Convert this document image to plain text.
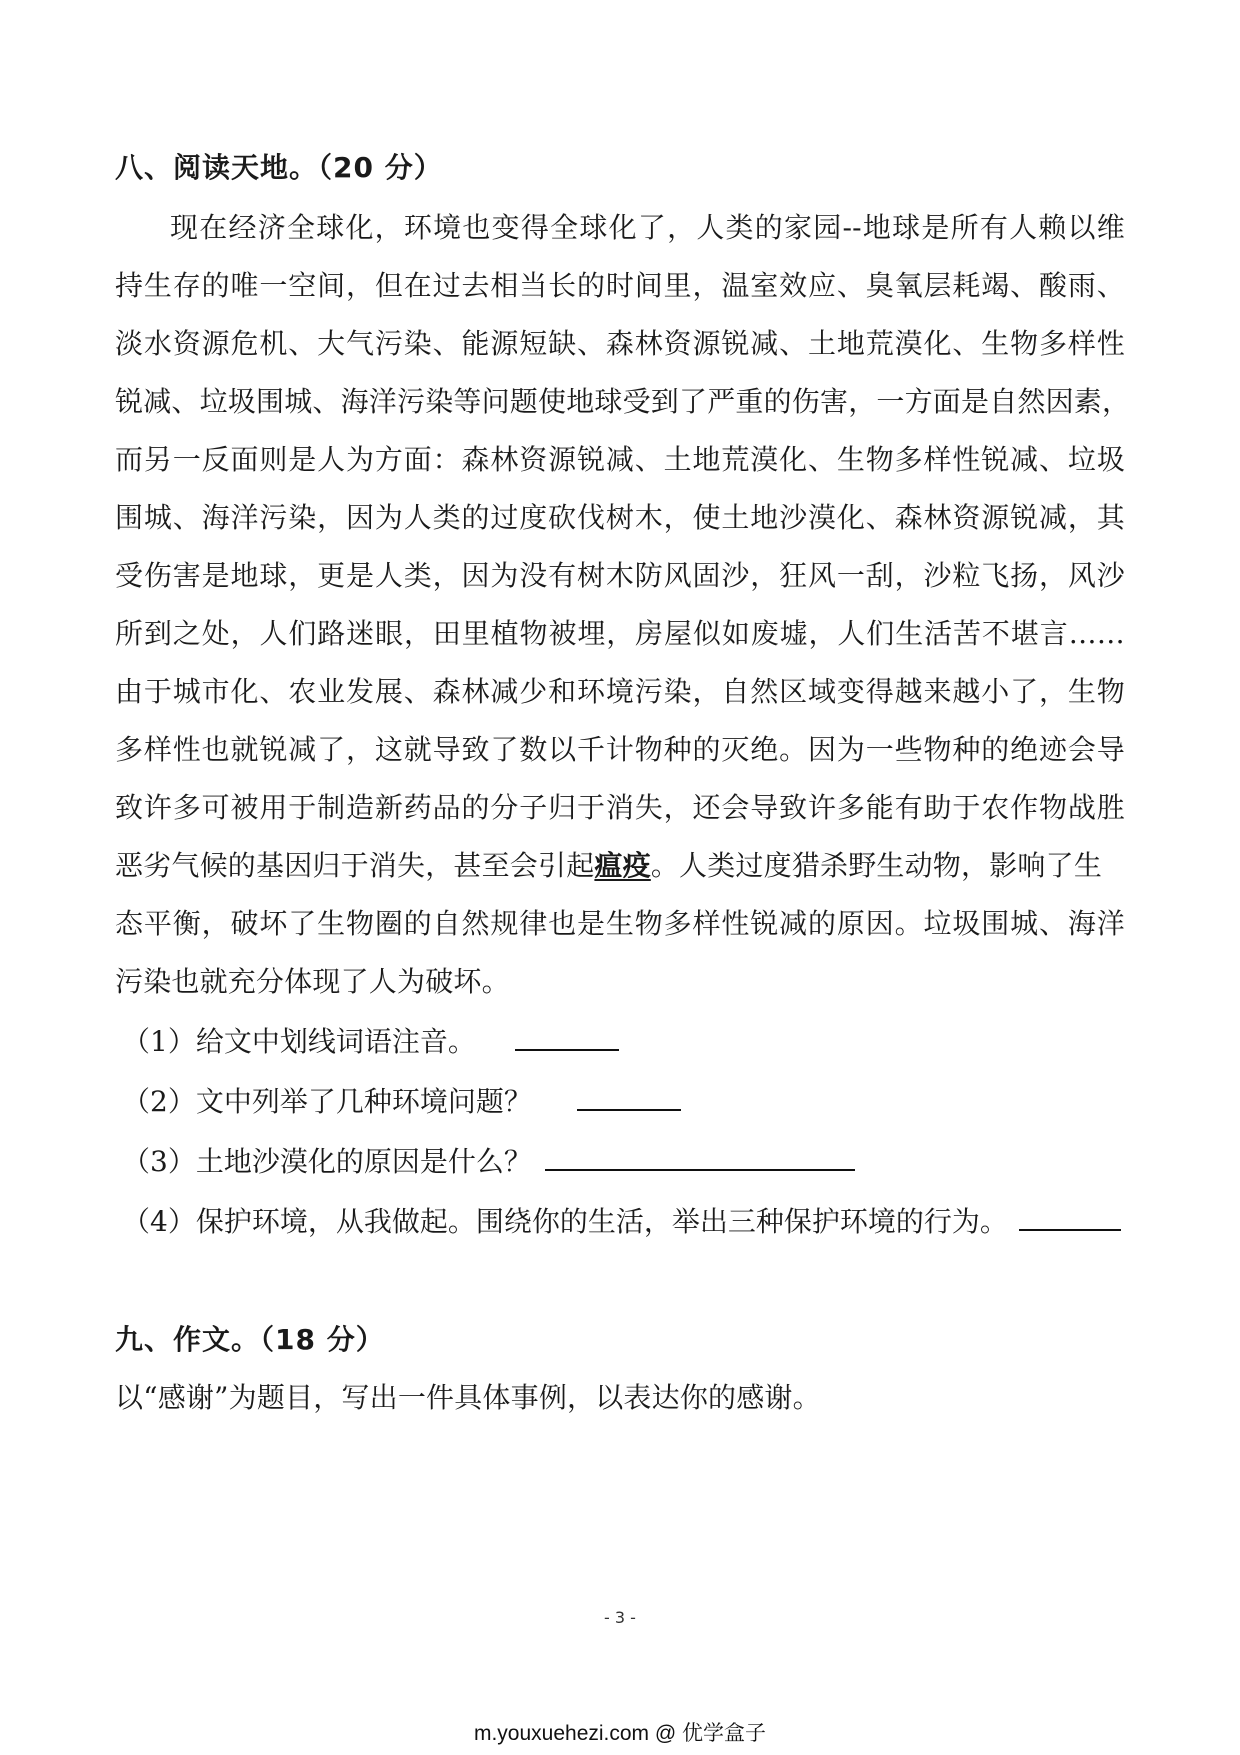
八、阅读天地。（20 分）
现在经济全球化，环境也变得全球化了，人类的家园--地球是所有人赖以维
持生存的唯一空间，但在过去相当长的时间里，温室效应、臭氧层耗竭、酸雨、
淡水资源危机、大气污染、能源短缺、森林资源锐减、土地荒漠化、生物多样性
锐减、垃圾围城、海洋污染等问题使地球受到了严重的伤害，一方面是自然因素，
而另一反面则是人为方面：森林资源锐减、土地荒漠化、生物多样性锐减、垃圾
围城、海洋污染，因为人类的过度砍伐树木，使土地沙漠化、森林资源锐减，其
受伤害是地球，更是人类，因为没有树木防风固沙，狂风一刮，沙粒飞扬，风沙
所到之处，人们路迷眼，田里植物被埋，房屋似如废墟，人们生活苦不堪言……
由于城市化、农业发展、森林减少和环境污染，自然区域变得越来越小了，生物
多样性也就锐减了，这就导致了数以千计物种的灭绝。因为一些物种的绝迹会导
致许多可被用于制造新药品的分子归于消失，还会导致许多能有助于农作物战胜
恶劣气候的基因归于消失，甚至会引起瘟疫。人类过度猎杀野生动物，影响了生
态平衡，破坏了生物圈的自然规律也是生物多样性锐减的原因。垃圾围城、海洋
污染也就充分体现了人为破坏。
（1）给文中划线词语注音。
（2）文中列举了几种环境问题？
（3）土地沙漠化的原因是什么？
（4）保护环境，从我做起。围绕你的生活，举出三种保护环境的行为。
九、作文。（18 分）
以“感谢”为题目，写出一件具体事例，以表达你的感谢。
- 3 -
m.youxuehezi.com @ 优学盒子
